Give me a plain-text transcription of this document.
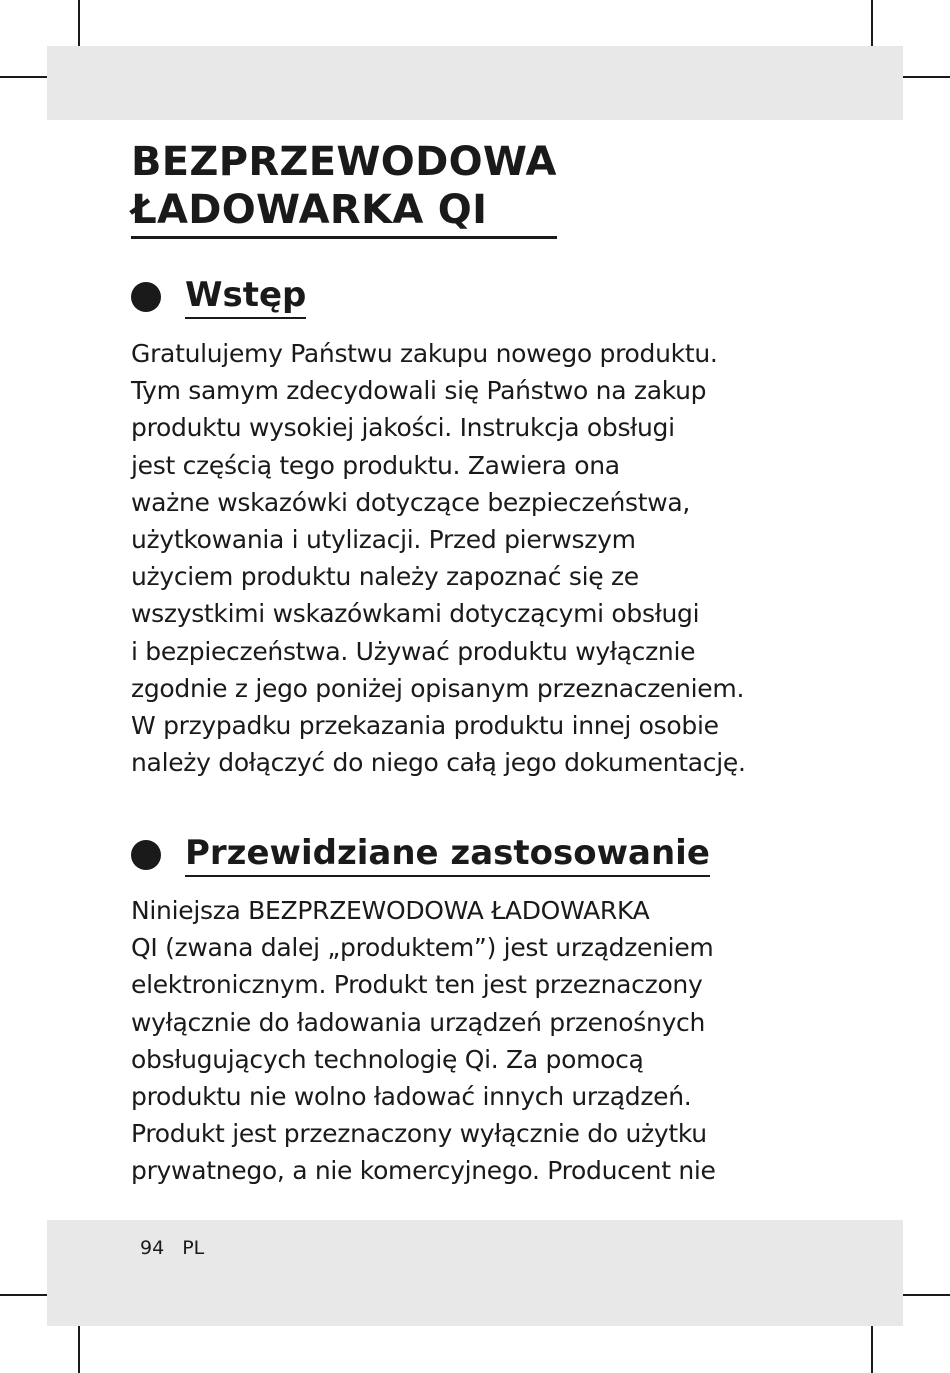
BEZPRZEWODOWA
ŁADOWARKA QI
Wstęp

Gratulujemy Państwu zakupu nowego produktu.
Tym samym zdecydowali się Państwo na zakup
produktu wysokiej jakości. Instrukcja obsługi
jest częścią tego produktu. Zawiera ona
ważne wskazówki dotyczące bezpieczeństwa,
użytkowania i utylizacji. Przed pierwszym
użyciem produktu należy zapoznać się ze
wszystkimi wskazówkami dotyczącymi obsługi
i bezpieczeństwa. Używać produktu wyłącznie
zgodnie z jego poniżej opisanym przeznaczeniem.
W przypadku przekazania produktu innej osobie
należy dołączyć do niego całą jego dokumentację.

Przewidziane zastosowanie

Niniejsza BEZPRZEWODOWA ŁADOWARKA
QI (zwana dalej „produktem”) jest urządzeniem
elektronicznym. Produkt ten jest przeznaczony
wyłącznie do ładowania urządzeń przenośnych
obsługujących technologię Qi. Za pomocą
produktu nie wolno ładować innych urządzeń.
Produkt jest przeznaczony wyłącznie do użytku
prywatnego, a nie komercyjnego. Producent nie

94 PL
